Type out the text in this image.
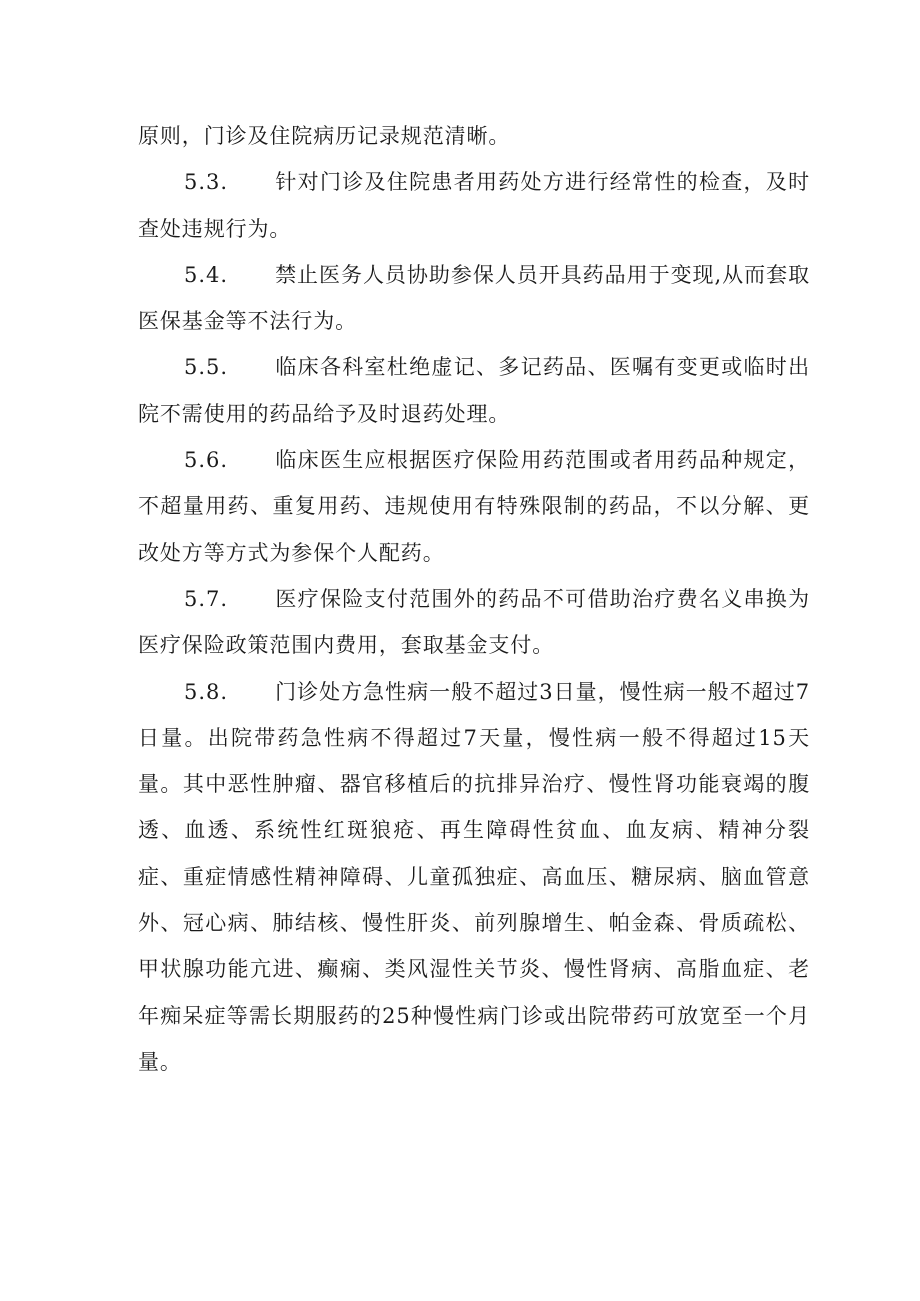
原则，门诊及住院病历记录规范清晰。

5.3. 针对门诊及住院患者用药处方进行经常性的检查，及时查处违规行为。

5.4. 禁止医务人员协助参保人员开具药品用于变现,从而套取医保基金等不法行为。

5.5. 临床各科室杜绝虚记、多记药品、医嘱有变更或临时出院不需使用的药品给予及时退药处理。

5.6. 临床医生应根据医疗保险用药范围或者用药品种规定，不超量用药、重复用药、违规使用有特殊限制的药品，不以分解、更改处方等方式为参保个人配药。

5.7. 医疗保险支付范围外的药品不可借助治疗费名义串换为医疗保险政策范围内费用，套取基金支付。

5.8. 门诊处方急性病一般不超过3日量，慢性病一般不超过7日量。出院带药急性病不得超过7天量，慢性病一般不得超过15天量。其中恶性肿瘤、器官移植后的抗排异治疗、慢性肾功能衰竭的腹透、血透、系统性红斑狼疮、再生障碍性贫血、血友病、精神分裂症、重症情感性精神障碍、儿童孤独症、高血压、糖尿病、脑血管意外、冠心病、肺结核、慢性肝炎、前列腺增生、帕金森、骨质疏松、甲状腺功能亢进、癫痫、类风湿性关节炎、慢性肾病、高脂血症、老年痴呆症等需长期服药的25种慢性病门诊或出院带药可放宽至一个月量。
